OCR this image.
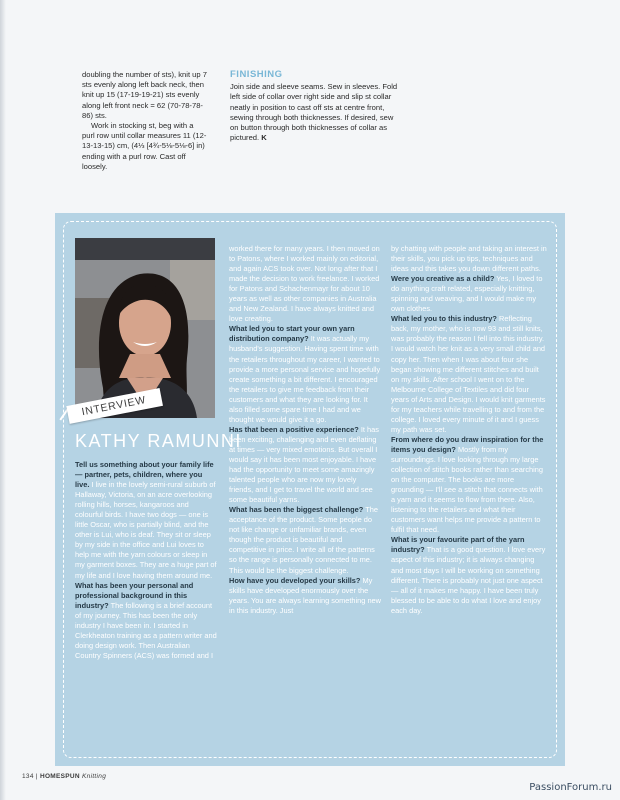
doubling the number of sts), knit up 7 sts evenly along left back neck, then knit up 15 (17-19-19-21) sts evenly along left front neck = 62 (70-78-78-86) sts.

Work in stocking st, beg with a purl row until collar measures 11 (12-13-13-15) cm, (4⅓ [4¾-5⅛-5⅛-6] in) ending with a purl row. Cast off loosely.

FINISHING

Join side and sleeve seams. Sew in sleeves. Fold left side of collar over right side and slip st collar neatly in position to cast off sts at centre front, sewing through both thicknesses. If desired, sew on button through both thicknesses of collar as pictured. K

INTERVIEW
KATHY RAMUNNI

Tell us something about your family life — partner, pets, children, where you live. I live in the lovely semi-rural suburb of Hallaway, Victoria, on an acre overlooking rolling hills, horses, kangaroos and colourful birds. I have two dogs — one is little Oscar, who is partially blind, and the other is Lui, who is deaf. They sit or sleep by my side in the office and Lui loves to help me with the yarn colours or sleep in my garment boxes. They are a huge part of my life and I love having them around me.

What has been your personal and professional background in this industry? The following is a brief account of my journey. This has been the only industry I have been in. I started in Clerkheaton training as a pattern writer and doing design work. Then Australian Country Spinners (ACS) was formed and I

worked there for many years. I then moved on to Patons, where I worked mainly on editorial, and again ACS took over. Not long after that I made the decision to work freelance. I worked for Patons and Schachenmayr for about 10 years as well as other companies in Australia and New Zealand. I have always knitted and love creating.

What led you to start your own yarn distribution company? It was actually my husband's suggestion. Having spent time with the retailers throughout my career, I wanted to provide a more personal service and hopefully create something a bit different. I encouraged the retailers to give me feedback from their customers and what they are looking for. It also filled some spare time I had and we thought we would give it a go.

Has that been a positive experience? It has been exciting, challenging and even deflating at times — very mixed emotions. But overall I would say it has been most enjoyable. I have had the opportunity to meet some amazingly talented people who are now my lovely friends, and I get to travel the world and see some beautiful yarns.

What has been the biggest challenge? The acceptance of the product. Some people do not like change or unfamiliar brands, even though the product is beautiful and competitive in price. I write all of the patterns so the range is personally connected to me. This would be the biggest challenge.

How have you developed your skills? My skills have developed enormously over the years. You are always learning something new in this industry. Just

by chatting with people and taking an interest in their skills, you pick up tips, techniques and ideas and this takes you down different paths.

Were you creative as a child? Yes, I loved to do anything craft related, especially knitting, spinning and weaving, and I would make my own clothes.

What led you to this industry? Reflecting back, my mother, who is now 93 and still knits, was probably the reason I fell into this industry. I would watch her knit as a very small child and copy her. Then when I was about four she began showing me different stitches and built on my skills. After school I went on to the Melbourne College of Textiles and did four years of Arts and Design. I would knit garments for my teachers while travelling to and from the college. I loved every minute of it and I guess my path was set.

From where do you draw inspiration for the items you design? Mostly from my surroundings. I love looking through my large collection of stitch books rather than searching on the computer. The books are more grounding — I'll see a stitch that connects with a yarn and it seems to flow from there. Also, listening to the retailers and what their customers want helps me provide a pattern to fulfil that need.

What is your favourite part of the yarn industry? That is a good question. I love every aspect of this industry; it is always changing and most days I will be working on something different. There is probably not just one aspect — all of it makes me happy. I have been truly blessed to be able to do what I love and enjoy each day.

134 | HOMESPUN Knitting
PassionForum.ru
